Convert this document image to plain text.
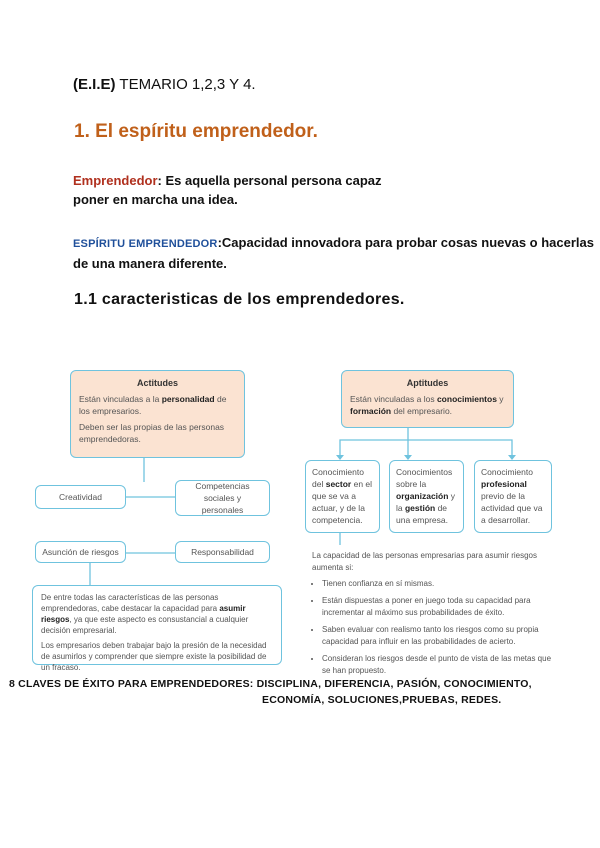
(E.I.E) TEMARIO 1,2,3 Y 4.
1. El espíritu emprendedor.
Emprendedor: Es aquella personal persona capaz
poner en marcha una idea.
ESPÍRITU EMPRENDEDOR:Capacidad innovadora para probar cosas nuevas o hacerlas
de una manera diferente.
1.1 caracteristicas de los emprendedores.
Actitudes

Están vinculadas a la personalidad de los empresarios.

Deben ser las propias de las personas emprendedoras.

Aptitudes

Están vinculadas a los conocimientos y formación del empresario.

Creatividad
Competencias sociales y personales
Asunción de riesgos	Responsabilidad

De entre todas las características de las personas emprendedoras, cabe destacar la capacidad para asumir riesgos, ya que este aspecto es consustancial a cualquier decisión empresarial.

Los empresarios deben trabajar bajo la presión de la necesidad de asumirlos y comprender que siempre existe la posibilidad de un fracaso.

Conocimiento del sector en el que se va a actuar, y de la competencia.
Conocimientos sobre la organización y la gestión de una empresa.
Conocimiento profesional previo de la actividad que va a desarrollar.
La capacidad de las personas empresarias para asumir riesgos aumenta si:
• Tienen confianza en sí mismas.
• Están dispuestas a poner en juego toda su capacidad para incrementar al máximo sus probabilidades de éxito.
• Saben evaluar con realismo tanto los riesgos como su propia capacidad para influir en las probabilidades de acierto.
• Consideran los riesgos desde el punto de vista de las metas que se han propuesto.
8 CLAVES DE ÉXITO PARA EMPRENDEDORES: DISCIPLINA, DIFERENCIA, PASIÓN, CONOCIMIENTO,
ECONOMÍA, SOLUCIONES,PRUEBAS, REDES.
